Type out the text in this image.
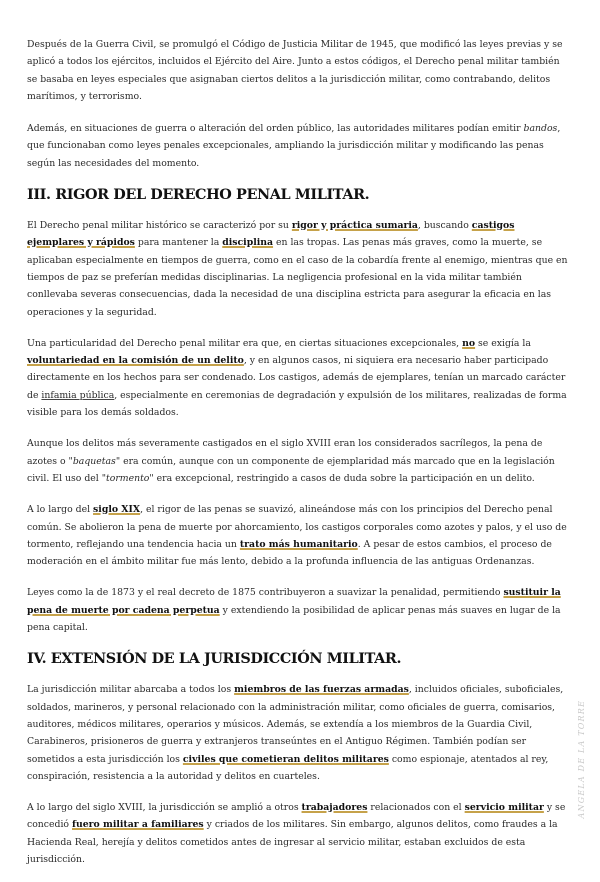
Después de la Guerra Civil, se promulgó el Código de Justicia Militar de 1945, que modificó las leyes previas y se aplicó a todos los ejércitos, incluidos el Ejército del Aire. Junto a estos códigos, el Derecho penal militar también se basaba en leyes especiales que asignaban ciertos delitos a la jurisdicción militar, como contrabando, delitos marítimos, y terrorismo.

Además, en situaciones de guerra o alteración del orden público, las autoridades militares podían emitir bandos, que funcionaban como leyes penales excepcionales, ampliando la jurisdicción militar y modificando las penas según las necesidades del momento.

III. RIGOR DEL DERECHO PENAL MILITAR.

El Derecho penal militar histórico se caracterizó por su rigor y práctica sumaria, buscando castigos ejemplares y rápidos para mantener la disciplina en las tropas. Las penas más graves, como la muerte, se aplicaban especialmente en tiempos de guerra, como en el caso de la cobardía frente al enemigo, mientras que en tiempos de paz se preferían medidas disciplinarias. La negligencia profesional en la vida militar también conllevaba severas consecuencias, dada la necesidad de una disciplina estricta para asegurar la eficacia en las operaciones y la seguridad.

Una particularidad del Derecho penal militar era que, en ciertas situaciones excepcionales, no se exigía la voluntariedad en la comisión de un delito, y en algunos casos, ni siquiera era necesario haber participado directamente en los hechos para ser condenado. Los castigos, además de ejemplares, tenían un marcado carácter de infamia pública, especialmente en ceremonias de degradación y expulsión de los militares, realizadas de forma visible para los demás soldados.

Aunque los delitos más severamente castigados en el siglo XVIII eran los considerados sacrílegos, la pena de azotes o "baquetas" era común, aunque con un componente de ejemplaridad más marcado que en la legislación civil. El uso del "tormento" era excepcional, restringido a casos de duda sobre la participación en un delito.

A lo largo del siglo XIX, el rigor de las penas se suavizó, alineándose más con los principios del Derecho penal común. Se abolieron la pena de muerte por ahorcamiento, los castigos corporales como azotes y palos, y el uso de tormento, reflejando una tendencia hacia un trato más humanitario. A pesar de estos cambios, el proceso de moderación en el ámbito militar fue más lento, debido a la profunda influencia de las antiguas Ordenanzas.

Leyes como la de 1873 y el real decreto de 1875 contribuyeron a suavizar la penalidad, permitiendo sustituir la pena de muerte por cadena perpetua y extendiendo la posibilidad de aplicar penas más suaves en lugar de la pena capital.

IV. EXTENSIÓN DE LA JURISDICCIÓN MILITAR.

La jurisdicción militar abarcaba a todos los miembros de las fuerzas armadas, incluidos oficiales, suboficiales, soldados, marineros, y personal relacionado con la administración militar, como oficiales de guerra, comisarios, auditores, médicos militares, operarios y músicos. Además, se extendía a los miembros de la Guardia Civil, Carabineros, prisioneros de guerra y extranjeros transeúntes en el Antiguo Régimen. También podían ser sometidos a esta jurisdicción los civiles que cometieran delitos militares como espionaje, atentados al rey, conspiración, resistencia a la autoridad y delitos en cuarteles.

A lo largo del siglo XVIII, la jurisdicción se amplió a otros trabajadores relacionados con el servicio militar y se concedió fuero militar a familiares y criados de los militares. Sin embargo, algunos delitos, como fraudes a la Hacienda Real, herejía y delitos cometidos antes de ingresar al servicio militar, estaban excluidos de esta jurisdicción.

ÁNGELA DE LA TORRE
